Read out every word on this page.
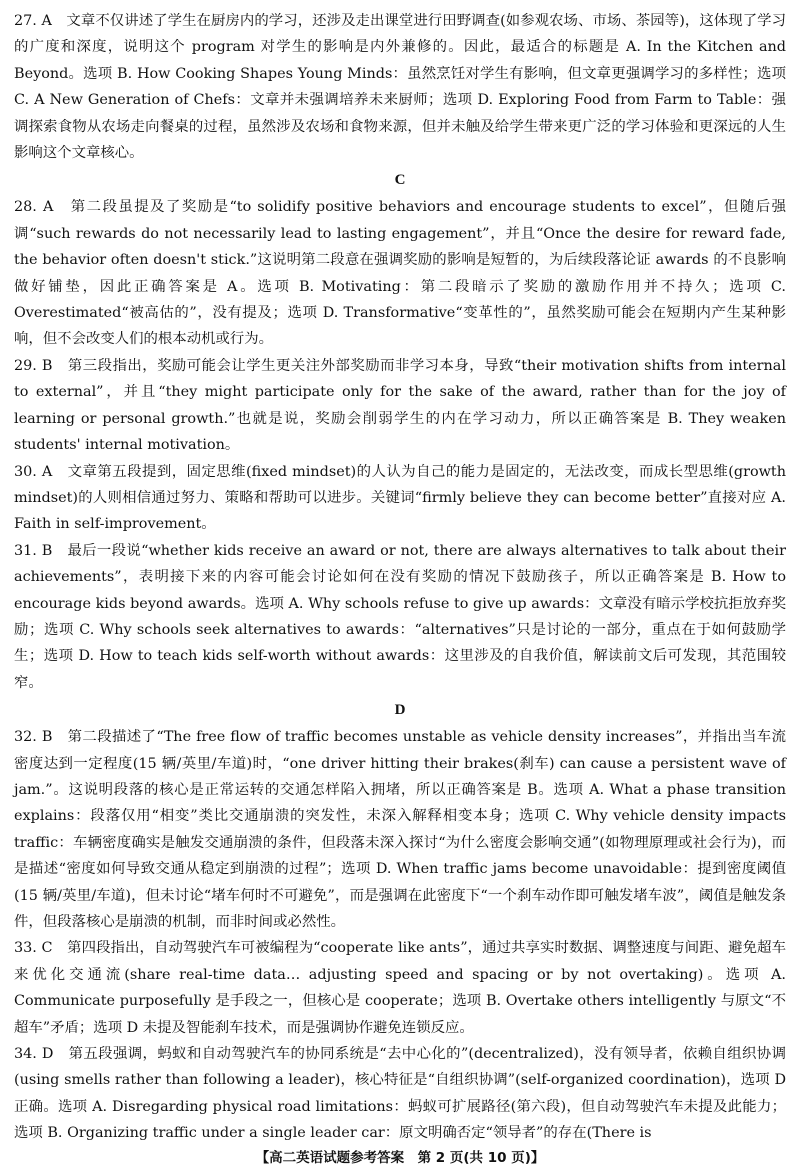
27. A　文章不仅讲述了学生在厨房内的学习，还涉及走出课堂进行田野调查(如参观农场、市场、茶园等)，这体现了学习的广度和深度，说明这个 program 对学生的影响是内外兼修的。因此，最适合的标题是 A. In the Kitchen and Beyond。选项 B. How Cooking Shapes Young Minds：虽然烹饪对学生有影响，但文章更强调学习的多样性；选项 C. A New Generation of Chefs：文章并未强调培养未来厨师；选项 D. Exploring Food from Farm to Table：强调探索食物从农场走向餐桌的过程，虽然涉及农场和食物来源，但并未触及给学生带来更广泛的学习体验和更深远的人生影响这个文章核心。

C

28. A　第二段虽提及了奖励是“to solidify positive behaviors and encourage students to excel”，但随后强调“such rewards do not necessarily lead to lasting engagement”，并且“Once the desire for reward fade, the behavior often doesn't stick.”这说明第二段意在强调奖励的影响是短暂的，为后续段落论证 awards 的不良影响做好铺垫，因此正确答案是 A。选项 B. Motivating：第二段暗示了奖励的激励作用并不持久；选项 C. Overestimated“被高估的”，没有提及；选项 D. Transformative“变革性的”，虽然奖励可能会在短期内产生某种影响，但不会改变人们的根本动机或行为。

29. B　第三段指出，奖励可能会让学生更关注外部奖励而非学习本身，导致“their motivation shifts from internal to external”，并且“they might participate only for the sake of the award, rather than for the joy of learning or personal growth.”也就是说，奖励会削弱学生的内在学习动力，所以正确答案是 B. They weaken students' internal motivation。

30. A　文章第五段提到，固定思维(fixed mindset)的人认为自己的能力是固定的，无法改变，而成长型思维(growth mindset)的人则相信通过努力、策略和帮助可以进步。关键词“firmly believe they can become better”直接对应 A. Faith in self-improvement。

31. B　最后一段说“whether kids receive an award or not, there are always alternatives to talk about their achievements”，表明接下来的内容可能会讨论如何在没有奖励的情况下鼓励孩子，所以正确答案是 B. How to encourage kids beyond awards。选项 A. Why schools refuse to give up awards：文章没有暗示学校抗拒放弃奖励；选项 C. Why schools seek alternatives to awards：“alternatives”只是讨论的一部分，重点在于如何鼓励学生；选项 D. How to teach kids self-worth without awards：这里涉及的自我价值，解读前文后可发现，其范围较窄。

D

32. B　第二段描述了“The free flow of traffic becomes unstable as vehicle density increases”，并指出当车流密度达到一定程度(15 辆/英里/车道)时，“one driver hitting their brakes(刹车) can cause a persistent wave of jam.”。这说明段落的核心是正常运转的交通怎样陷入拥堵，所以正确答案是 B。选项 A. What a phase transition explains：段落仅用“相变”类比交通崩溃的突发性，未深入解释相变本身；选项 C. Why vehicle density impacts traffic：车辆密度确实是触发交通崩溃的条件，但段落未深入探讨“为什么密度会影响交通”(如物理原理或社会行为)，而是描述“密度如何导致交通从稳定到崩溃的过程”；选项 D. When traffic jams become unavoidable：提到密度阈值(15 辆/英里/车道)，但未讨论“堵车何时不可避免”，而是强调在此密度下“一个刹车动作即可触发堵车波”，阈值是触发条件，但段落核心是崩溃的机制，而非时间或必然性。

33. C　第四段指出，自动驾驶汽车可被编程为“cooperate like ants”，通过共享实时数据、调整速度与间距、避免超车来优化交通流(share real-time data… adjusting speed and spacing or by not overtaking)。选项 A. Communicate purposefully 是手段之一，但核心是 cooperate；选项 B. Overtake others intelligently 与原文“不超车”矛盾；选项 D 未提及智能刹车技术，而是强调协作避免连锁反应。

34. D　第五段强调，蚂蚁和自动驾驶汽车的协同系统是“去中心化的”(decentralized)，没有领导者，依赖自组织协调(using smells rather than following a leader)，核心特征是“自组织协调”(self-organized coordination)，选项 D 正确。选项 A. Disregarding physical road limitations：蚂蚁可扩展路径(第六段)，但自动驾驶汽车未提及此能力；选项 B. Organizing traffic under a single leader car：原文明确否定“领导者”的存在(There is

【高二英语试题参考答案　第 2 页(共 10 页)】
